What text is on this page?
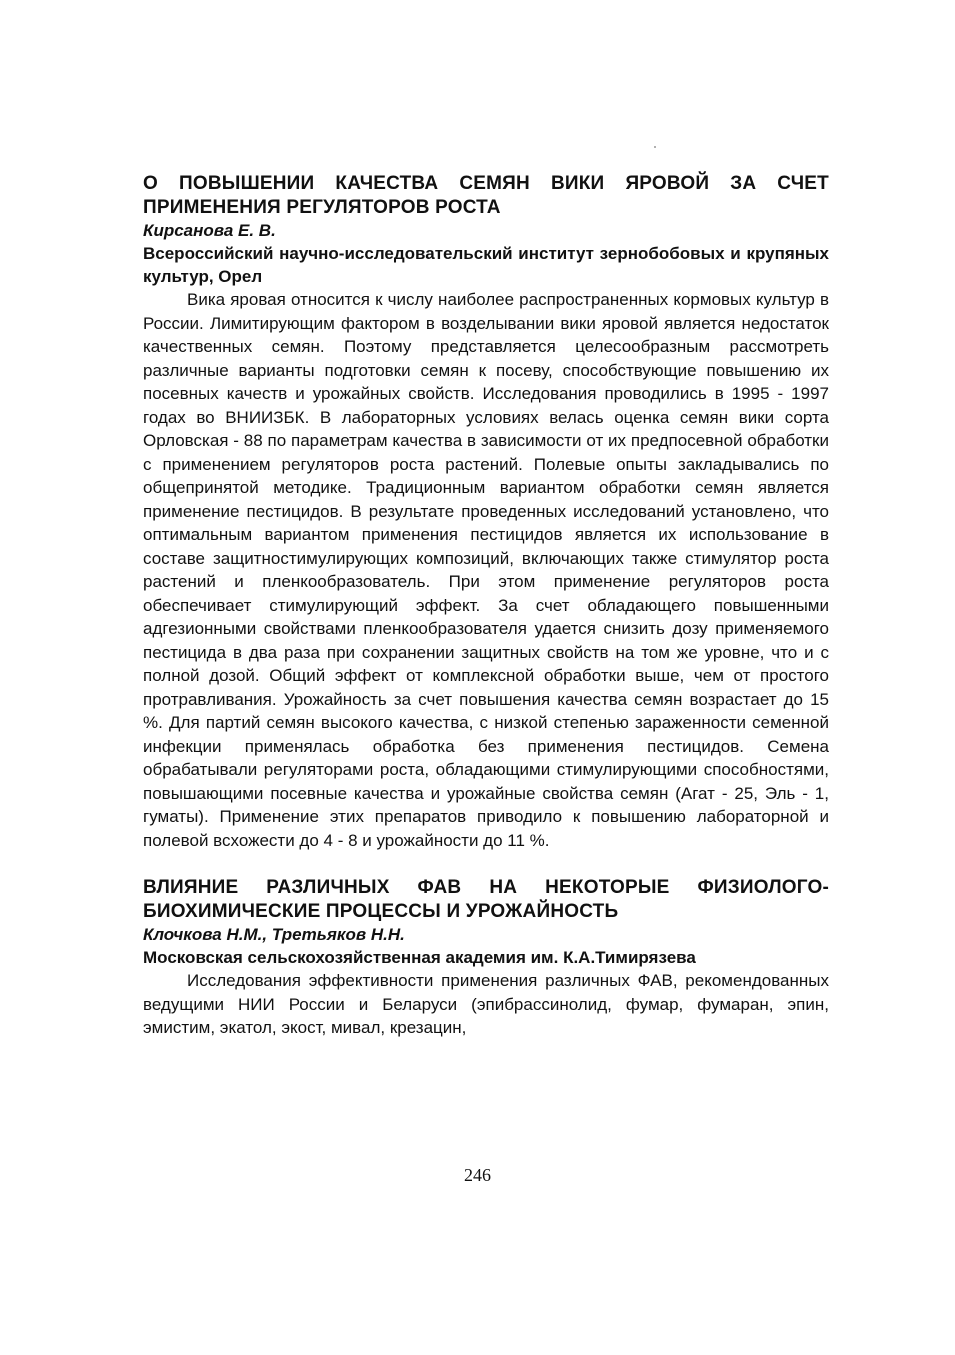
О ПОВЫШЕНИИ КАЧЕСТВА СЕМЯН ВИКИ ЯРОВОЙ ЗА СЧЕТ ПРИМЕНЕНИЯ РЕГУЛЯТОРОВ РОСТА

Кирсанова Е. В.

Всероссийский научно-исследовательский институт зернобобовых и крупяных культур, Орел

Вика яровая относится к числу наиболее распространенных кормовых культур в России. Лимитирующим фактором в возделывании вики яровой является недостаток качественных семян. Поэтому представляется целесообразным рассмотреть различные варианты подготовки семян к посеву, способствующие повышению их посевных качеств и урожайных свойств. Исследования проводились в 1995 - 1997 годах во ВНИИЗБК. В лабораторных условиях велась оценка семян вики сорта Орловская - 88 по параметрам качества в зависимости от их предпосевной обработки с применением регуляторов роста растений. Полевые опыты закладывались по общепринятой методике. Традиционным вариантом обработки семян является применение пестицидов. В результате проведенных исследований установлено, что оптимальным вариантом применения пестицидов является их использование в составе защитностимулирующих композиций, включающих также стимулятор роста растений и пленкообразователь. При этом применение регуляторов роста обеспечивает стимулирующий эффект. За счет обладающего повышенными адгезионными свойствами пленкообразователя удается снизить дозу применяемого пестицида в два раза при сохранении защитных свойств на том же уровне, что и с полной дозой. Общий эффект от комплексной обработки выше, чем от простого протравливания. Урожайность за счет повышения качества семян возрастает до 15 %. Для партий семян высокого качества, с низкой степенью зараженности семенной инфекции применялась обработка без применения пестицидов. Семена обрабатывали регуляторами роста, обладающими стимулирующими способностями, повышающими посевные качества и урожайные свойства семян (Агат - 25, Эль - 1, гуматы). Применение этих препаратов приводило к повышению лабораторной и полевой всхожести до 4 - 8 и урожайности до 11 %.

ВЛИЯНИЕ РАЗЛИЧНЫХ ФАВ НА НЕКОТОРЫЕ ФИЗИОЛОГО-БИОХИМИЧЕСКИЕ ПРОЦЕССЫ И УРОЖАЙНОСТЬ

Клочкова Н.М., Третьяков Н.Н.

Московская сельскохозяйственная академия им. К.А.Тимирязева

Исследования эффективности применения различных ФАВ, рекомендованных ведущими НИИ России и Беларуси (эпибрассинолид, фумар, фумаран, эпин, эмистим, экатол, экост, мивал, крезацин,

246
